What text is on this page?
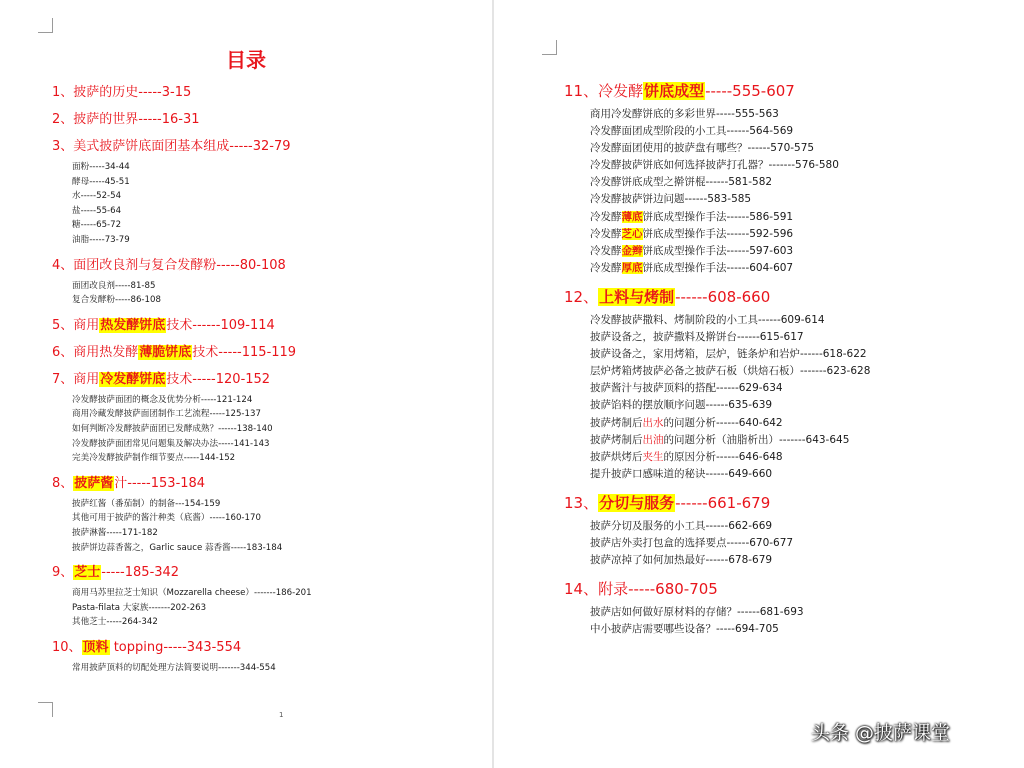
目录
1、披萨的历史-----3-15
2、披萨的世界-----16-31
3、美式披萨饼底面团基本组成-----32-79
面粉-----34-44
酵母-----45-51
水-----52-54
盐-----55-64
糖-----65-72
油脂-----73-79
4、面团改良剂与复合发酵粉-----80-108
面团改良剂-----81-85
复合发酵粉-----86-108
5、商用热发酵饼底技术------109-114
6、商用热发酵薄脆饼底技术-----115-119
7、商用冷发酵饼底技术-----120-152
冷发酵披萨面团的概念及优势分析-----121-124
商用冷藏发酵披萨面团制作工艺流程-----125-137
如何判断冷发酵披萨面团已发酵成熟？------138-140
冷发酵披萨面团常见问题集及解决办法-----141-143
完美冷发酵披萨制作细节要点-----144-152
8、披萨酱汁-----153-184
披萨红酱（番茄制）的制备---154-159
其他可用于披萨的酱汁种类（底酱）-----160-170
披萨淋酱-----171-182
披萨饼边蒜香酱之，Garlic sauce 蒜香酱-----183-184
9、芝士-----185-342
商用马苏里拉芝士知识（Mozzarella cheese）-------186-201
Pasta-filata 大家族-------202-263
其他芝士-----264-342
10、顶料 topping-----343-554
常用披萨顶料的切配处理方法简要说明-------344-554
1
11、冷发酵饼底成型-----555-607
商用冷发酵饼底的多彩世界-----555-563
冷发酵面团成型阶段的小工具------564-569
冷发酵面团使用的披萨盘有哪些？------570-575
冷发酵披萨饼底如何选择披萨打孔器？-------576-580
冷发酵饼底成型之擀饼棍------581-582
冷发酵披萨饼边问题------583-585
冷发酵薄底饼底成型操作手法------586-591
冷发酵芝心饼底成型操作手法------592-596
冷发酵金辫饼底成型操作手法------597-603
冷发酵厚底饼底成型操作手法------604-607
12、上料与烤制------608-660
冷发酵披萨撒料、烤制阶段的小工具------609-614
披萨设备之，披萨撒料及擀饼台------615-617
披萨设备之，家用烤箱，层炉，链条炉和岩炉------618-622
层炉烤箱烤披萨必备之披萨石板（烘焙石板）-------623-628
披萨酱汁与披萨顶料的搭配------629-634
披萨馅料的摆放顺序问题------635-639
披萨烤制后出水的问题分析------640-642
披萨烤制后出油的问题分析（油脂析出）-------643-645
披萨烘烤后夹生的原因分析------646-648
提升披萨口感味道的秘诀------649-660
13、分切与服务------661-679
披萨分切及服务的小工具------662-669
披萨店外卖打包盒的选择要点------670-677
披萨凉掉了如何加热最好------678-679
14、附录-----680-705
披萨店如何做好原材料的存储？------681-693
中小披萨店需要哪些设备？-----694-705
头条 @披萨课堂
